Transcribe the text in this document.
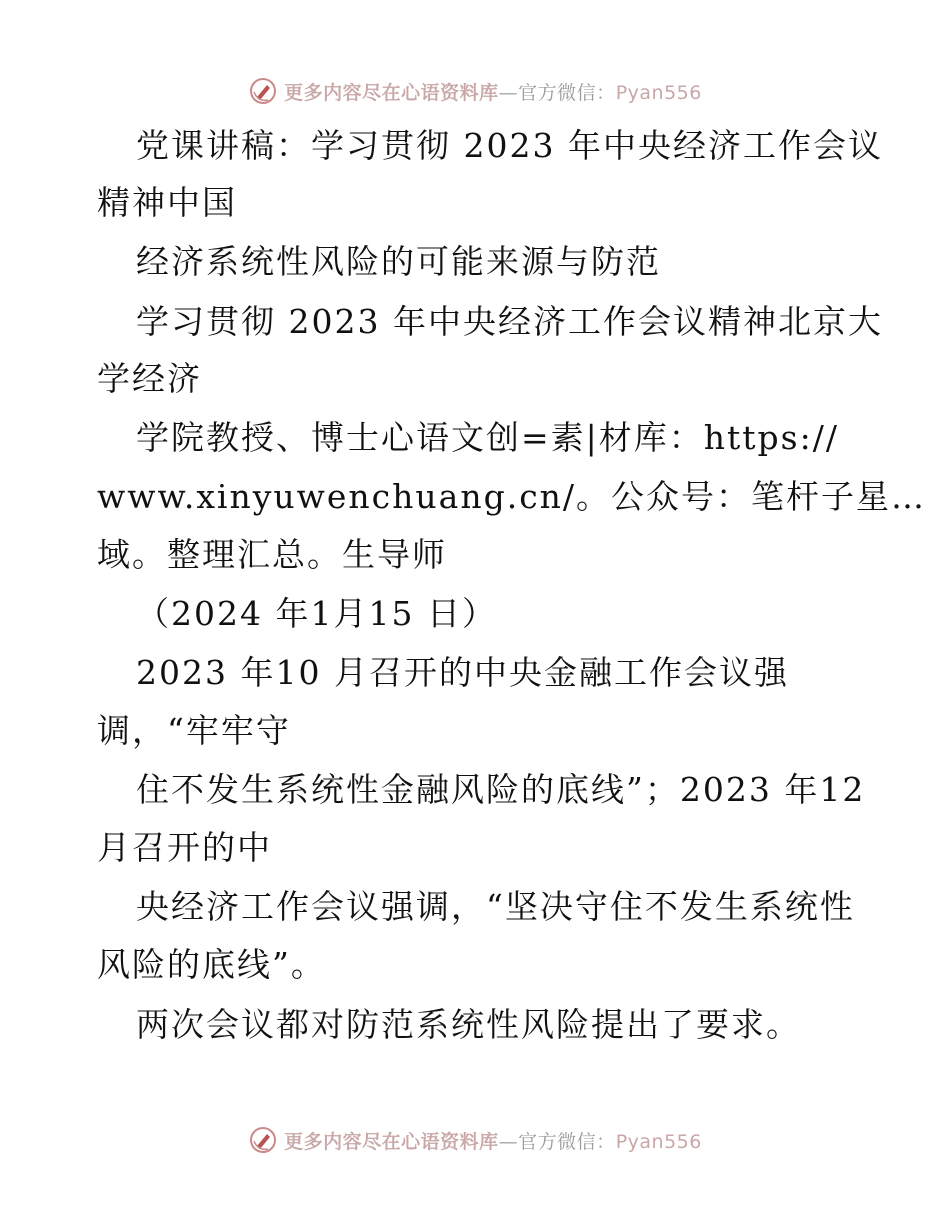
更多内容尽在心语资料库—官方微信：Pyan556
党课讲稿：学习贯彻 2023 年中央经济工作会议
精神中国
经济系统性风险的可能来源与防范
学习贯彻 2023 年中央经济工作会议精神北京大
学经济
学院教授、博士心语文创=素|材库：https://
www.xinyuwenchuang.cn/。公众号：笔杆子星…
域。整理汇总。生导师
（2024 年1月15 日）
2023 年10 月召开的中央金融工作会议强
调，“牢牢守
住不发生系统性金融风险的底线”；2023 年12
月召开的中
央经济工作会议强调，“坚决守住不发生系统性
风险的底线”。
两次会议都对防范系统性风险提出了要求。
更多内容尽在心语资料库—官方微信：Pyan556
